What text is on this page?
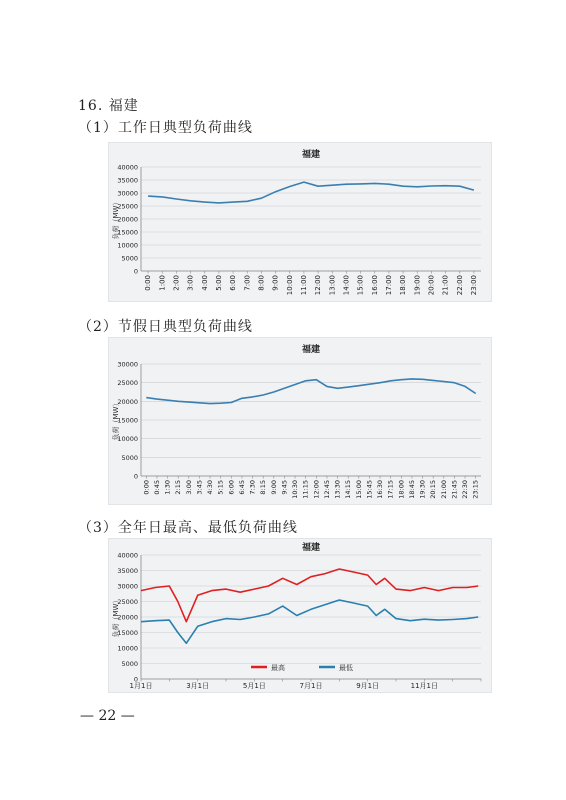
16. 福建
（1）工作日典型负荷曲线
福建
负荷（MW）
0
5000
10000
15000
20000
25000
30000
35000
40000
0:00 1:00 2:00 3:00 4:00 5:00 6:00 7:00 8:00 9:00 10:00 11:00 12:00 13:00 14:00 15:00 16:00 17:00 18:00 19:00 20:00 21:00 22:00 23:00
（2）节假日典型负荷曲线
福建
负荷（MW）
0
5000
10000
15000
20000
25000
30000
0:00 0:45 1:30 2:15 3:00 3:45 4:30 5:15 6:00 6:45 7:30 8:15 9:00 9:45 10:30 11:15 12:00 12:45 13:30 14:15 15:00 15:45 16:30 17:15 18:00 18:45 19:30 20:15 21:00 21:45 22:30 23:15
（3）全年日最高、最低负荷曲线
福建
负荷（MW）
0
5000
10000
15000
20000
25000
30000
35000
40000
1月1日	3月1日	5月1日	7月1日	9月1日	11月1日
最高	最低
— 22 —
